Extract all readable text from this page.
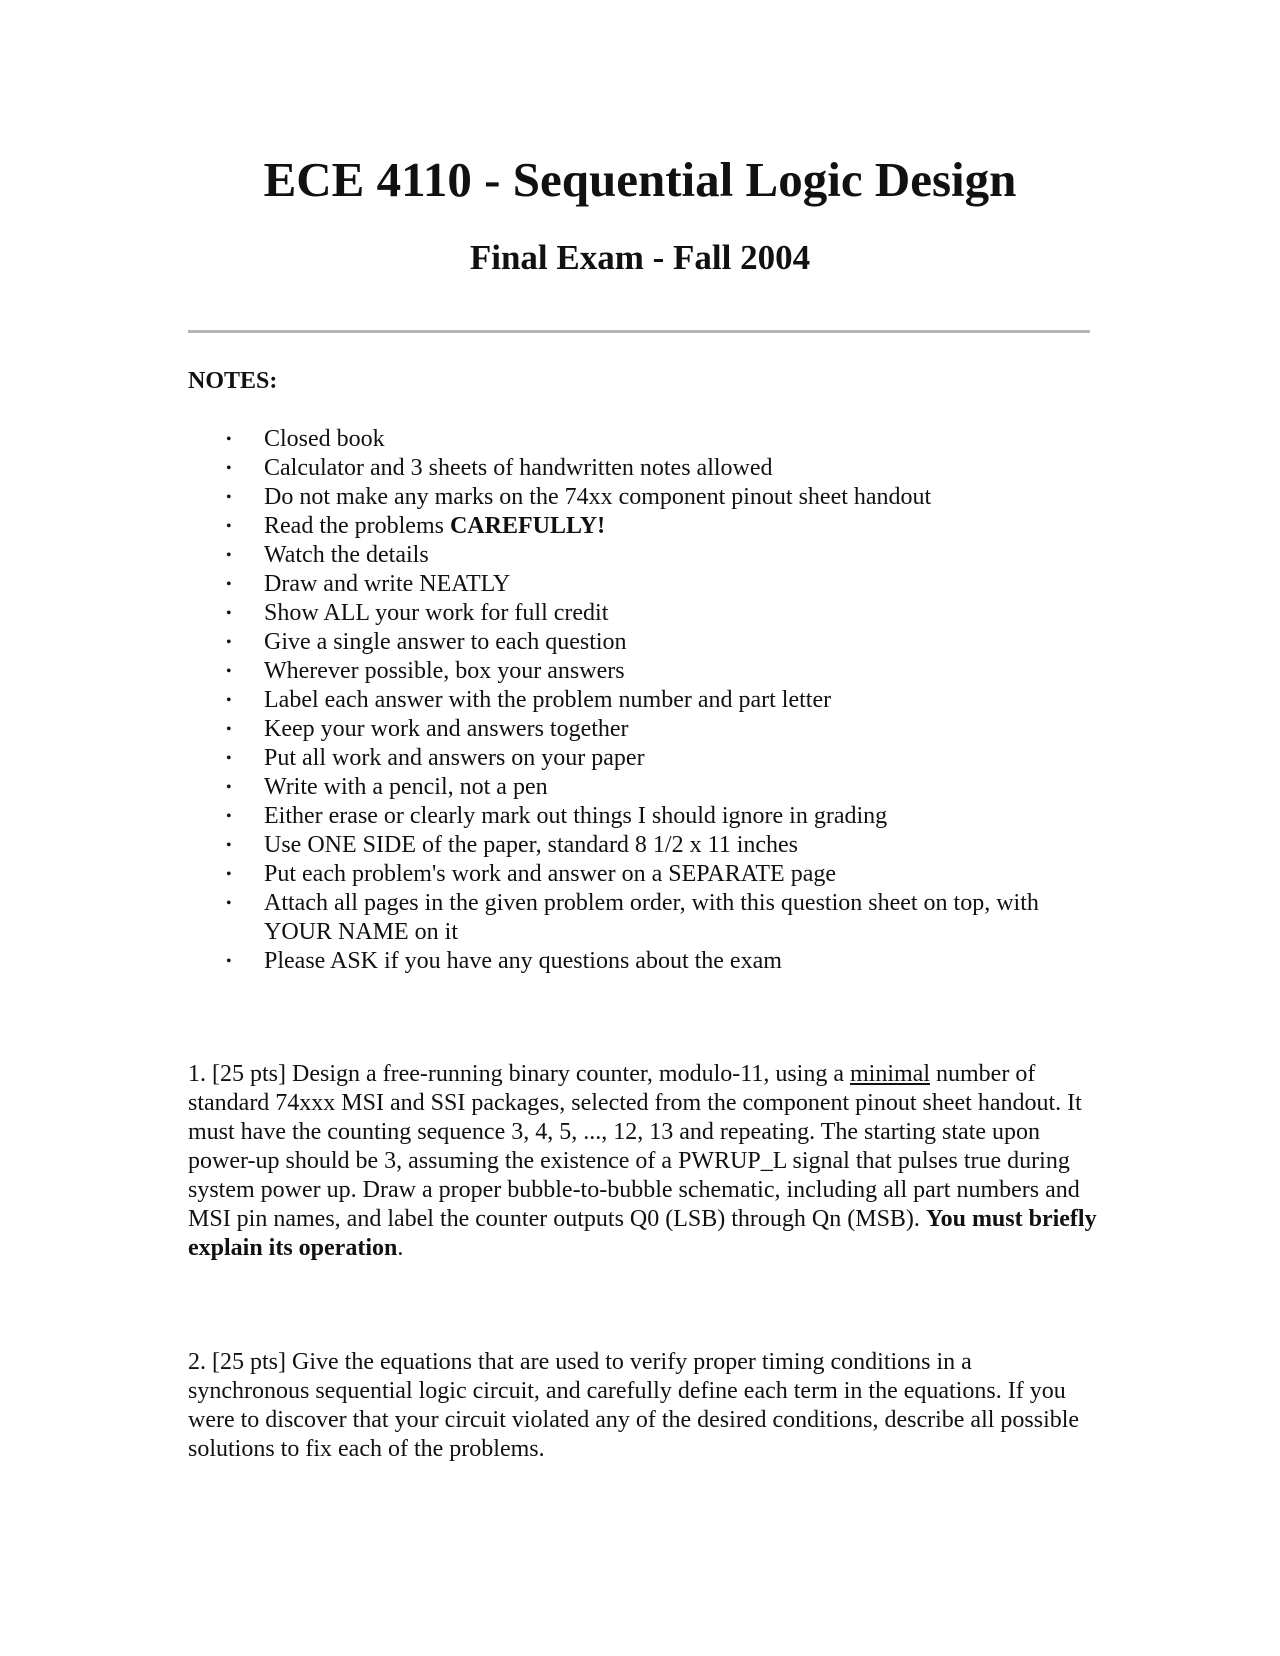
ECE 4110 - Sequential Logic Design
Final Exam - Fall 2004
NOTES:
• Closed book
• Calculator and 3 sheets of handwritten notes allowed
• Do not make any marks on the 74xx component pinout sheet handout
• Read the problems CAREFULLY!
• Watch the details
• Draw and write NEATLY
• Show ALL your work for full credit
• Give a single answer to each question
• Wherever possible, box your answers
• Label each answer with the problem number and part letter
• Keep your work and answers together
• Put all work and answers on your paper
• Write with a pencil, not a pen
• Either erase or clearly mark out things I should ignore in grading
• Use ONE SIDE of the paper, standard 8 1/2 x 11 inches
• Put each problem's work and answer on a SEPARATE page
• Attach all pages in the given problem order, with this question sheet on top, with YOUR NAME on it
• Please ASK if you have any questions about the exam

1. [25 pts] Design a free-running binary counter, modulo-11, using a minimal number of standard 74xxx MSI and SSI packages, selected from the component pinout sheet handout. It must have the counting sequence 3, 4, 5, ..., 12, 13 and repeating. The starting state upon power-up should be 3, assuming the existence of a PWRUP_L signal that pulses true during system power up. Draw a proper bubble-to-bubble schematic, including all part numbers and MSI pin names, and label the counter outputs Q0 (LSB) through Qn (MSB). You must briefly explain its operation.

2. [25 pts] Give the equations that are used to verify proper timing conditions in a synchronous sequential logic circuit, and carefully define each term in the equations. If you were to discover that your circuit violated any of the desired conditions, describe all possible solutions to fix each of the problems.
